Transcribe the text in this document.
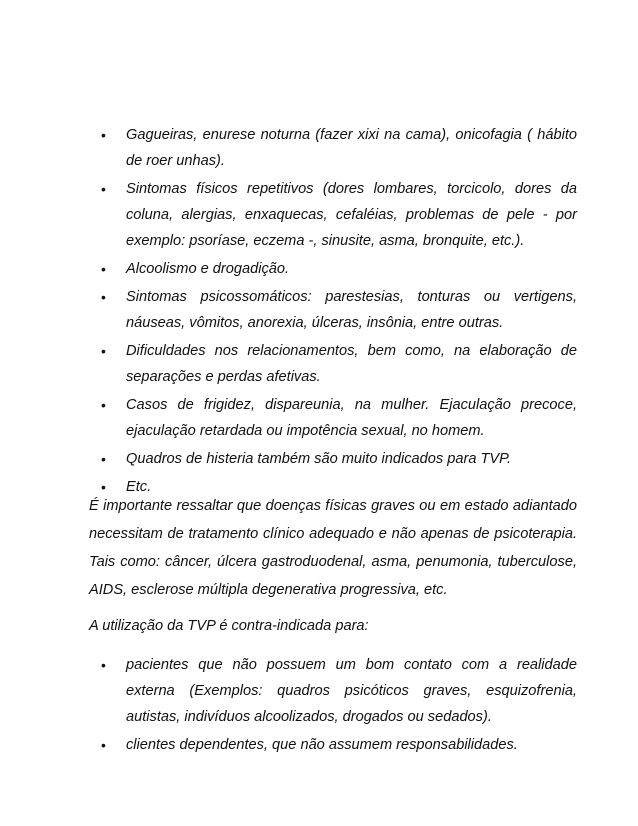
• Gagueiras, enurese noturna (fazer xixi na cama), onicofagia ( hábito de roer unhas).
• Sintomas físicos repetitivos (dores lombares, torcicolo, dores da coluna, alergias, enxaquecas, cefaléias, problemas de pele - por exemplo: psoríase, eczema -, sinusite, asma, bronquite, etc.).
• Alcoolismo e drogadição.
• Sintomas psicossomáticos: parestesias, tonturas ou vertigens, náuseas, vômitos, anorexia, úlceras, insônia, entre outras.
• Dificuldades nos relacionamentos, bem como, na elaboração de separações e perdas afetivas.
• Casos de frigidez, dispareunia, na mulher. Ejaculação precoce, ejaculação retardada ou impotência sexual, no homem.
• Quadros de histeria também são muito indicados para TVP.
• Etc.

É importante ressaltar que doenças físicas graves ou em estado adiantado necessitam de tratamento clínico adequado e não apenas de psicoterapia. Tais como: câncer, úlcera gastroduodenal, asma, penumonia, tuberculose, AIDS, esclerose múltipla degenerativa progressiva, etc.

A utilização da TVP é contra-indicada para:

• pacientes que não possuem um bom contato com a realidade externa (Exemplos: quadros psicóticos graves, esquizofrenia, autistas, indivíduos alcoolizados, drogados ou sedados).
• clientes dependentes, que não assumem responsabilidades.
